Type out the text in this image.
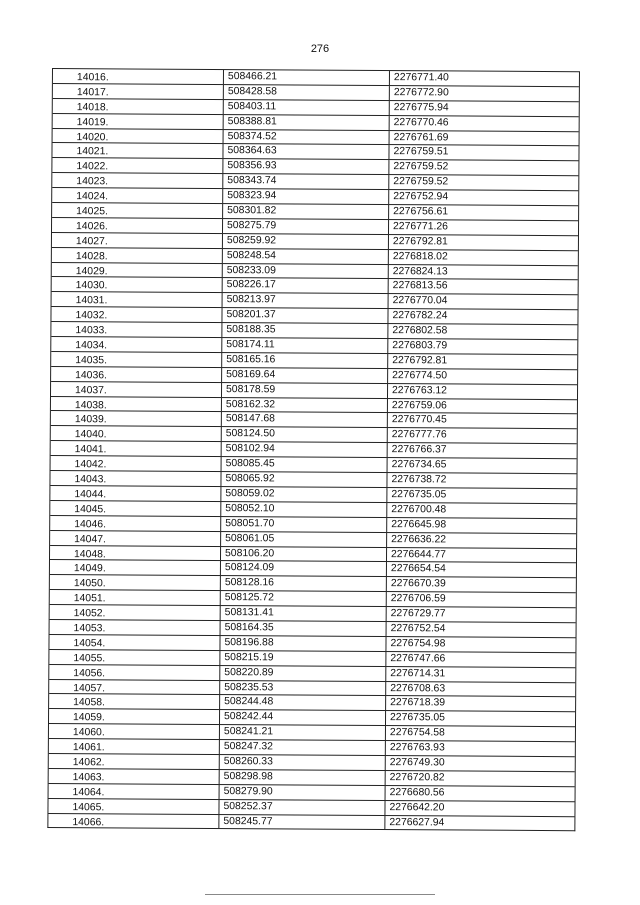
276
14016.	508466.21	2276771.40
14017.	508428.58	2276772.90
14018.	508403.11	2276775.94
14019.	508388.81	2276770.46
14020.	508374.52	2276761.69
14021.	508364.63	2276759.51
14022.	508356.93	2276759.52
14023.	508343.74	2276759.52
14024.	508323.94	2276752.94
14025.	508301.82	2276756.61
14026.	508275.79	2276771.26
14027.	508259.92	2276792.81
14028.	508248.54	2276818.02
14029.	508233.09	2276824.13
14030.	508226.17	2276813.56
14031.	508213.97	2276770.04
14032.	508201.37	2276782.24
14033.	508188.35	2276802.58
14034.	508174.11	2276803.79
14035.	508165.16	2276792.81
14036.	508169.64	2276774.50
14037.	508178.59	2276763.12
14038.	508162.32	2276759.06
14039.	508147.68	2276770.45
14040.	508124.50	2276777.76
14041.	508102.94	2276766.37
14042.	508085.45	2276734.65
14043.	508065.92	2276738.72
14044.	508059.02	2276735.05
14045.	508052.10	2276700.48
14046.	508051.70	2276645.98
14047.	508061.05	2276636.22
14048.	508106.20	2276644.77
14049.	508124.09	2276654.54
14050.	508128.16	2276670.39
14051.	508125.72	2276706.59
14052.	508131.41	2276729.77
14053.	508164.35	2276752.54
14054.	508196.88	2276754.98
14055.	508215.19	2276747.66
14056.	508220.89	2276714.31
14057.	508235.53	2276708.63
14058.	508244.48	2276718.39
14059.	508242.44	2276735.05
14060.	508241.21	2276754.58
14061.	508247.32	2276763.93
14062.	508260.33	2276749.30
14063.	508298.98	2276720.82
14064.	508279.90	2276680.56
14065.	508252.37	2276642.20
14066.	508245.77	2276627.94
